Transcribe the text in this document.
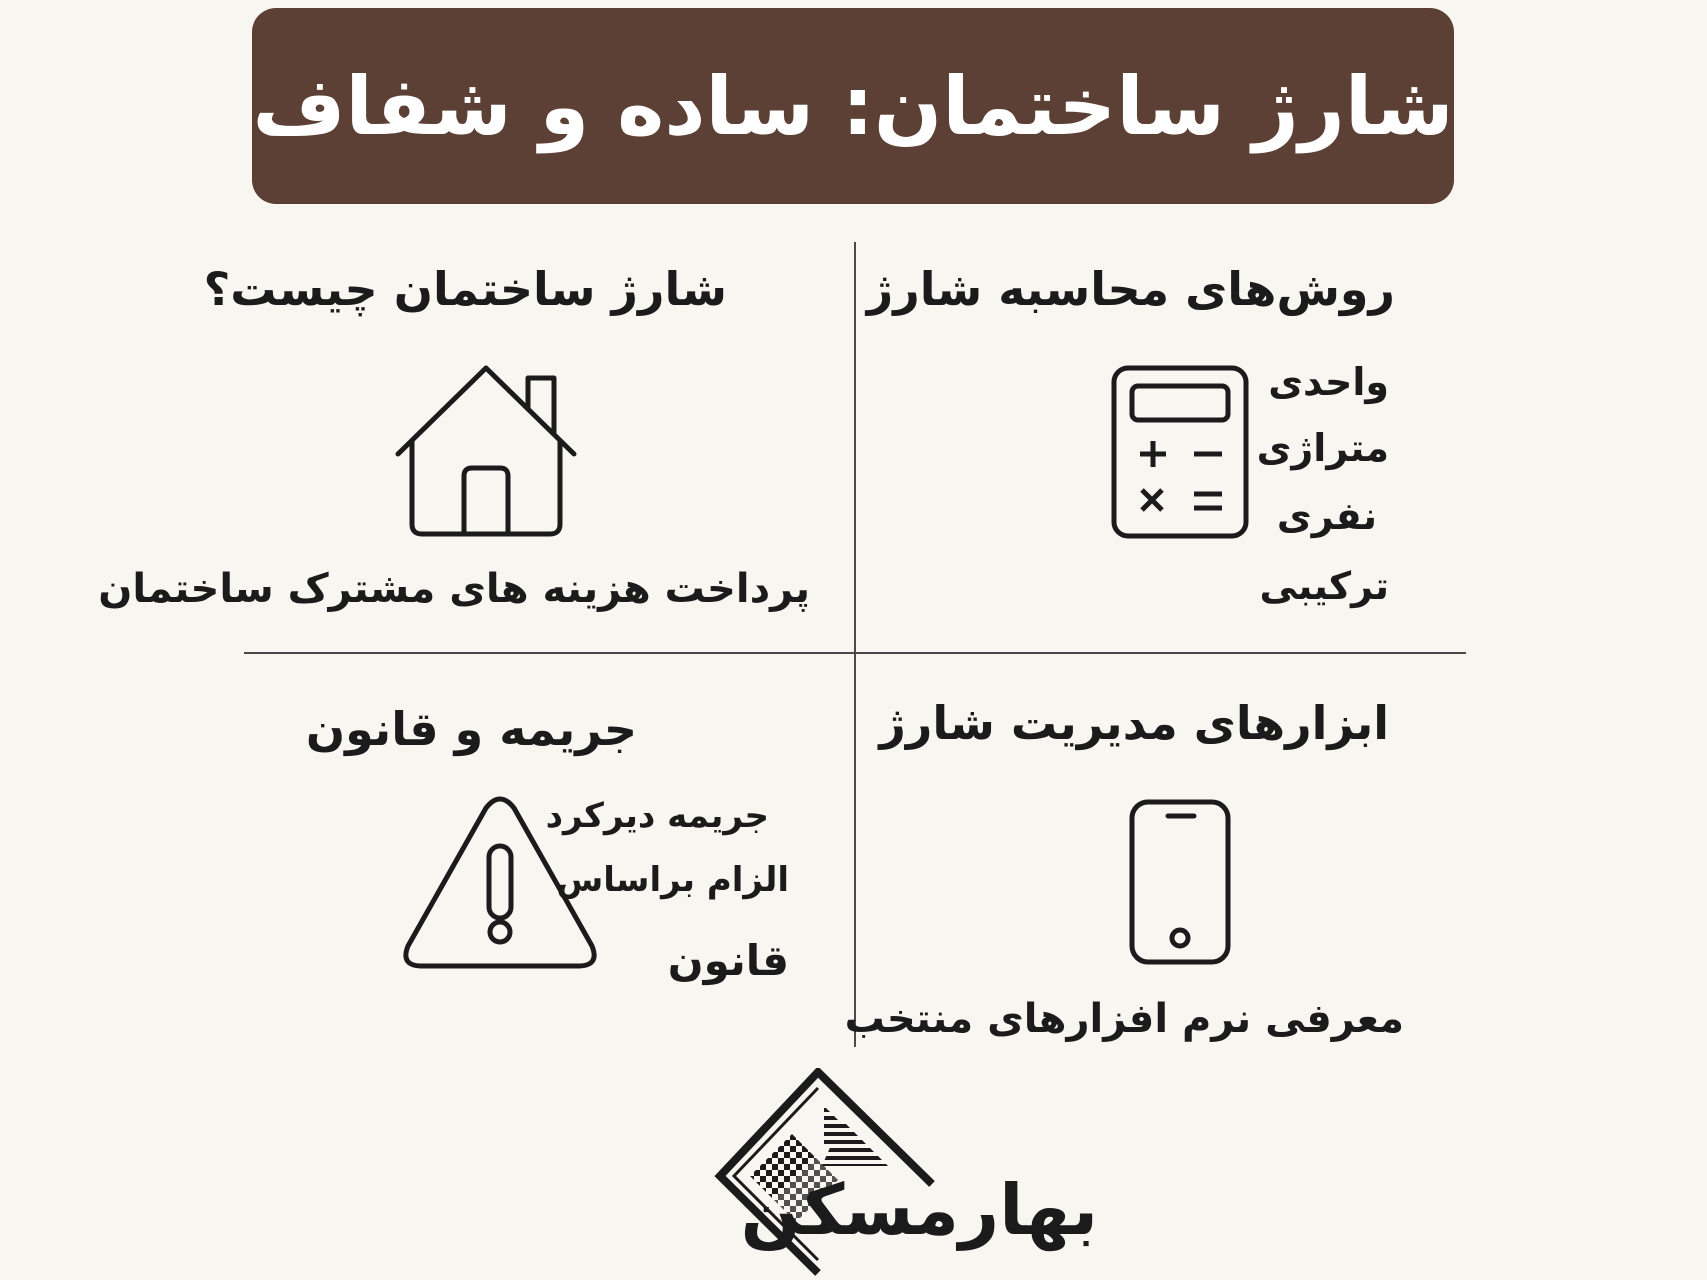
شارژ ساختمان: ساده و شفاف
روش‌های محاسبه شارژ
واحدی
متراژی
نفری
ترکیبی
شارژ ساختمان چیست؟
پرداخت هزینه های مشترک ساختمان
ابزارهای مدیریت شارژ
معرفی نرم افزارهای منتخب
جریمه و قانون
جریمه دیرکرد
الزام براساس
قانون
بهارمسکن
